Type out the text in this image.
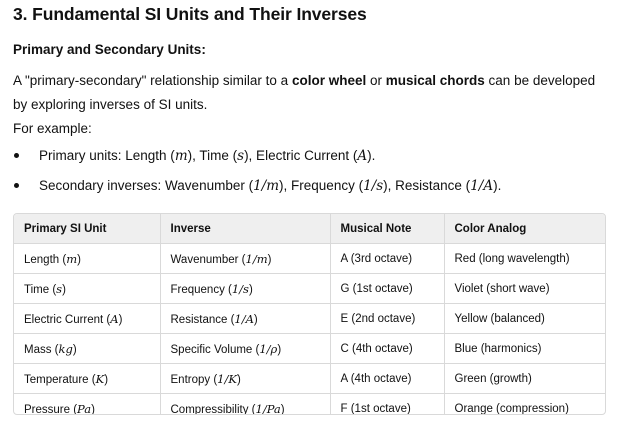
3. Fundamental SI Units and Their Inverses
Primary and Secondary Units:
A "primary-secondary" relationship similar to a color wheel or musical chords can be developed
by exploring inverses of SI units.
For example:
Primary units: Length (m), Time (s), Electric Current (A).
Secondary inverses: Wavenumber (1/m), Frequency (1/s), Resistance (1/A).
Primary SI Unit	Inverse	Musical Note	Color Analog
Length (m)	Wavenumber (1/m)	A (3rd octave)	Red (long wavelength)
Time (s)	Frequency (1/s)	G (1st octave)	Violet (short wave)
Electric Current (A)	Resistance (1/A)	E (2nd octave)	Yellow (balanced)
Mass (kg)	Specific Volume (1/ρ)	C (4th octave)	Blue (harmonics)
Temperature (K)	Entropy (1/K)	A (4th octave)	Green (growth)
Pressure (Pa)	Compressibility (1/Pa)	F (1st octave)	Orange (compression)
